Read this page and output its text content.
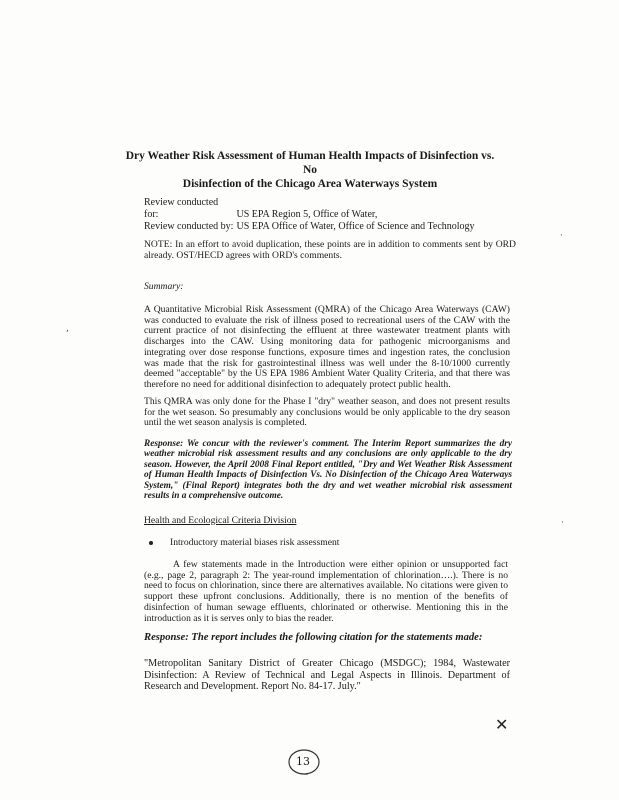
Dry Weather Risk Assessment of Human Health Impacts of Disinfection vs. No
Disinfection of the Chicago Area Waterways System
Review conducted for:	US EPA Region 5, Office of Water,
Review conducted by: US EPA Office of Water, Office of Science and Technology
NOTE: In an effort to avoid duplication, these points are in addition to comments sent by ORD already. OST/HECD agrees with ORD's comments.
Summary:
A Quantitative Microbial Risk Assessment (QMRA) of the Chicago Area Waterways (CAW) was conducted to evaluate the risk of illness posed to recreational users of the CAW with the current practice of not disinfecting the effluent at three wastewater treatment plants with discharges into the CAW. Using monitoring data for pathogenic microorganisms and integrating over dose response functions, exposure times and ingestion rates, the conclusion was made that the risk for gastrointestinal illness was well under the 8-10/1000 currently deemed "acceptable" by the US EPA 1986 Ambient Water Quality Criteria, and that there was therefore no need for additional disinfection to adequately protect public health.
This QMRA was only done for the Phase I "dry" weather season, and does not present results for the wet season. So presumably any conclusions would be only applicable to the dry season until the wet season analysis is completed.
Response: We concur with the reviewer's comment. The Interim Report summarizes the dry weather microbial risk assessment results and any conclusions are only applicable to the dry season. However, the April 2008 Final Report entitled, "Dry and Wet Weather Risk Assessment of Human Health Impacts of Disinfection Vs. No Disinfection of the Chicago Area Waterways System," (Final Report) integrates both the dry and wet weather microbial risk assessment results in a comprehensive outcome.
Health and Ecological Criteria Division
Introductory material biases risk assessment
A few statements made in the Introduction were either opinion or unsupported fact (e.g., page 2, paragraph 2: The year-round implementation of chlorination….). There is no need to focus on chlorination, since there are alternatives available. No citations were given to support these upfront conclusions. Additionally, there is no mention of the benefits of disinfection of human sewage effluents, chlorinated or otherwise. Mentioning this in the introduction as it is serves only to bias the reader.
Response: The report includes the following citation for the statements made:
"Metropolitan Sanitary District of Greater Chicago (MSDGC); 1984, Wastewater Disinfection: A Review of Technical and Legal Aspects in Illinois. Department of Research and Development. Report No. 84-17. July."
·
,
·
✕
13
